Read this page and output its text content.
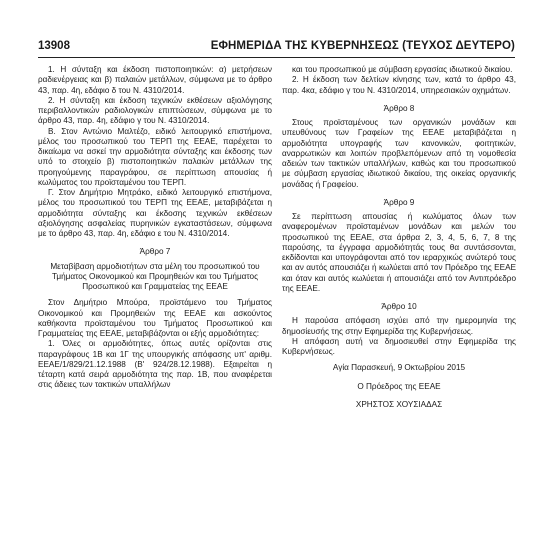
13908	ΕΦΗΜΕΡΙΔΑ ΤΗΣ ΚΥΒΕΡΝΗΣΕΩΣ (ΤΕΥΧΟΣ ΔΕΥΤΕΡΟ)

1. Η σύνταξη και έκδοση πιστοποιητικών: α) μετρήσεων ραδιενέργειας και β) παλαιών μετάλλων, σύμφωνα με το άρθρο 43, παρ. 4η, εδάφιο δ του Ν. 4310/2014.

2. Η σύνταξη και έκδοση τεχνικών εκθέσεων αξιολόγησης περιβαλλοντικών ραδιολογικών επιπτώσεων, σύμφωνα με το άρθρο 43, παρ. 4η, εδάφιο γ του Ν. 4310/2014.

Β. Στον Αντώνιο Μαλτέζο, ειδικό λειτουργικό επιστήμονα, μέλος του προσωπικού του ΤΕΡΠ της ΕΕΑΕ, παρέχεται το δικαίωμα να ασκεί την αρμοδιότητα σύνταξης και έκδοσης των υπό το στοιχείο β) πιστοποιητικών παλαιών μετάλλων της προηγούμενης παραγράφου, σε περίπτωση απουσίας ή κωλύματος του προϊσταμένου του ΤΕΡΠ.

Γ. Στον Δημήτριο Μητράκο, ειδικό λειτουργικό επιστήμονα, μέλος του προσωπικού του ΤΕΡΠ της ΕΕΑΕ, μεταβιβάζεται η αρμοδιότητα σύνταξης και έκδοσης τεχνικών εκθέσεων αξιολόγησης ασφαλείας πυρηνικών εγκαταστάσεων, σύμφωνα με το άρθρο 43, παρ. 4η, εδάφιο ε του Ν. 4310/2014.

Άρθρο 7

Μεταβίβαση αρμοδιοτήτων στα μέλη του προσωπικού του Τμήματος Οικονομικού και Προμηθειών και του Τμήματος Προσωπικού και Γραμματείας της ΕΕΑΕ

Στον Δημήτριο Μπούρα, προϊστάμενο του Τμήματος Οικονομικού και Προμηθειών της ΕΕΑΕ και ασκούντος καθήκοντα προϊσταμένου του Τμήματος Προσωπικού και Γραμματείας της ΕΕΑΕ, μεταβιβάζονται οι εξής αρμοδιότητες:

1. Όλες οι αρμοδιότητες, όπως αυτές ορίζονται στις παραγράφους 1Β και 1Γ της υπουργικής απόφασης υπ' αριθμ. ΕΕΑΕ/1/829/21.12.1988 (Β' 924/28.12.1988). Εξαιρείται η τέταρτη κατά σειρά αρμοδιότητα της παρ. 1Β, που αναφέρεται στις άδειες των τακτικών υπαλλήλων

και του προσωπικού με σύμβαση εργασίας ιδιωτικού δικαίου.

2. Η έκδοση των δελτίων κίνησης των, κατά το άρθρο 43, παρ. 4κα, εδάφιο γ του Ν. 4310/2014, υπηρεσιακών οχημάτων.

Άρθρο 8

Στους προϊσταμένους των οργανικών μονάδων και υπευθύνους των Γραφείων της ΕΕΑΕ μεταβιβάζεται η αρμοδιότητα υπογραφής των κανονικών, φοιτητικών, αναρρωτικών και λοιπών προβλεπόμενων από τη νομοθεσία αδειών των τακτικών υπαλλήλων, καθώς και του προσωπικού με σύμβαση εργασίας ιδιωτικού δικαίου, της οικείας οργανικής μονάδας ή Γραφείου.

Άρθρο 9

Σε περίπτωση απουσίας ή κωλύματος όλων των αναφερομένων προϊσταμένων μονάδων και μελών του προσωπικού της ΕΕΑΕ, στα άρθρα 2, 3, 4, 5, 6, 7, 8 της παρούσης, τα έγγραφα αρμοδιότητάς τους θα συντάσσονται, εκδίδονται και υπογράφονται από τον ιεραρχικώς ανώτερό τους και αν αυτός απουσιάζει ή κωλύεται από τον Πρόεδρο της ΕΕΑΕ και όταν και αυτός κωλύεται ή απουσιάζει από τον Αντιπρόεδρο της ΕΕΑΕ.

Άρθρο 10

Η παρούσα απόφαση ισχύει από την ημερομηνία της δημοσίευσής της στην Εφημερίδα της Κυβερνήσεως.

Η απόφαση αυτή να δημοσιευθεί στην Εφημερίδα της Κυβερνήσεως.

Αγία Παρασκευή, 9 Οκτωβρίου 2015

Ο Πρόεδρος της ΕΕΑΕ

ΧΡΗΣΤΟΣ ΧΟΥΣΙΑΔΑΣ
